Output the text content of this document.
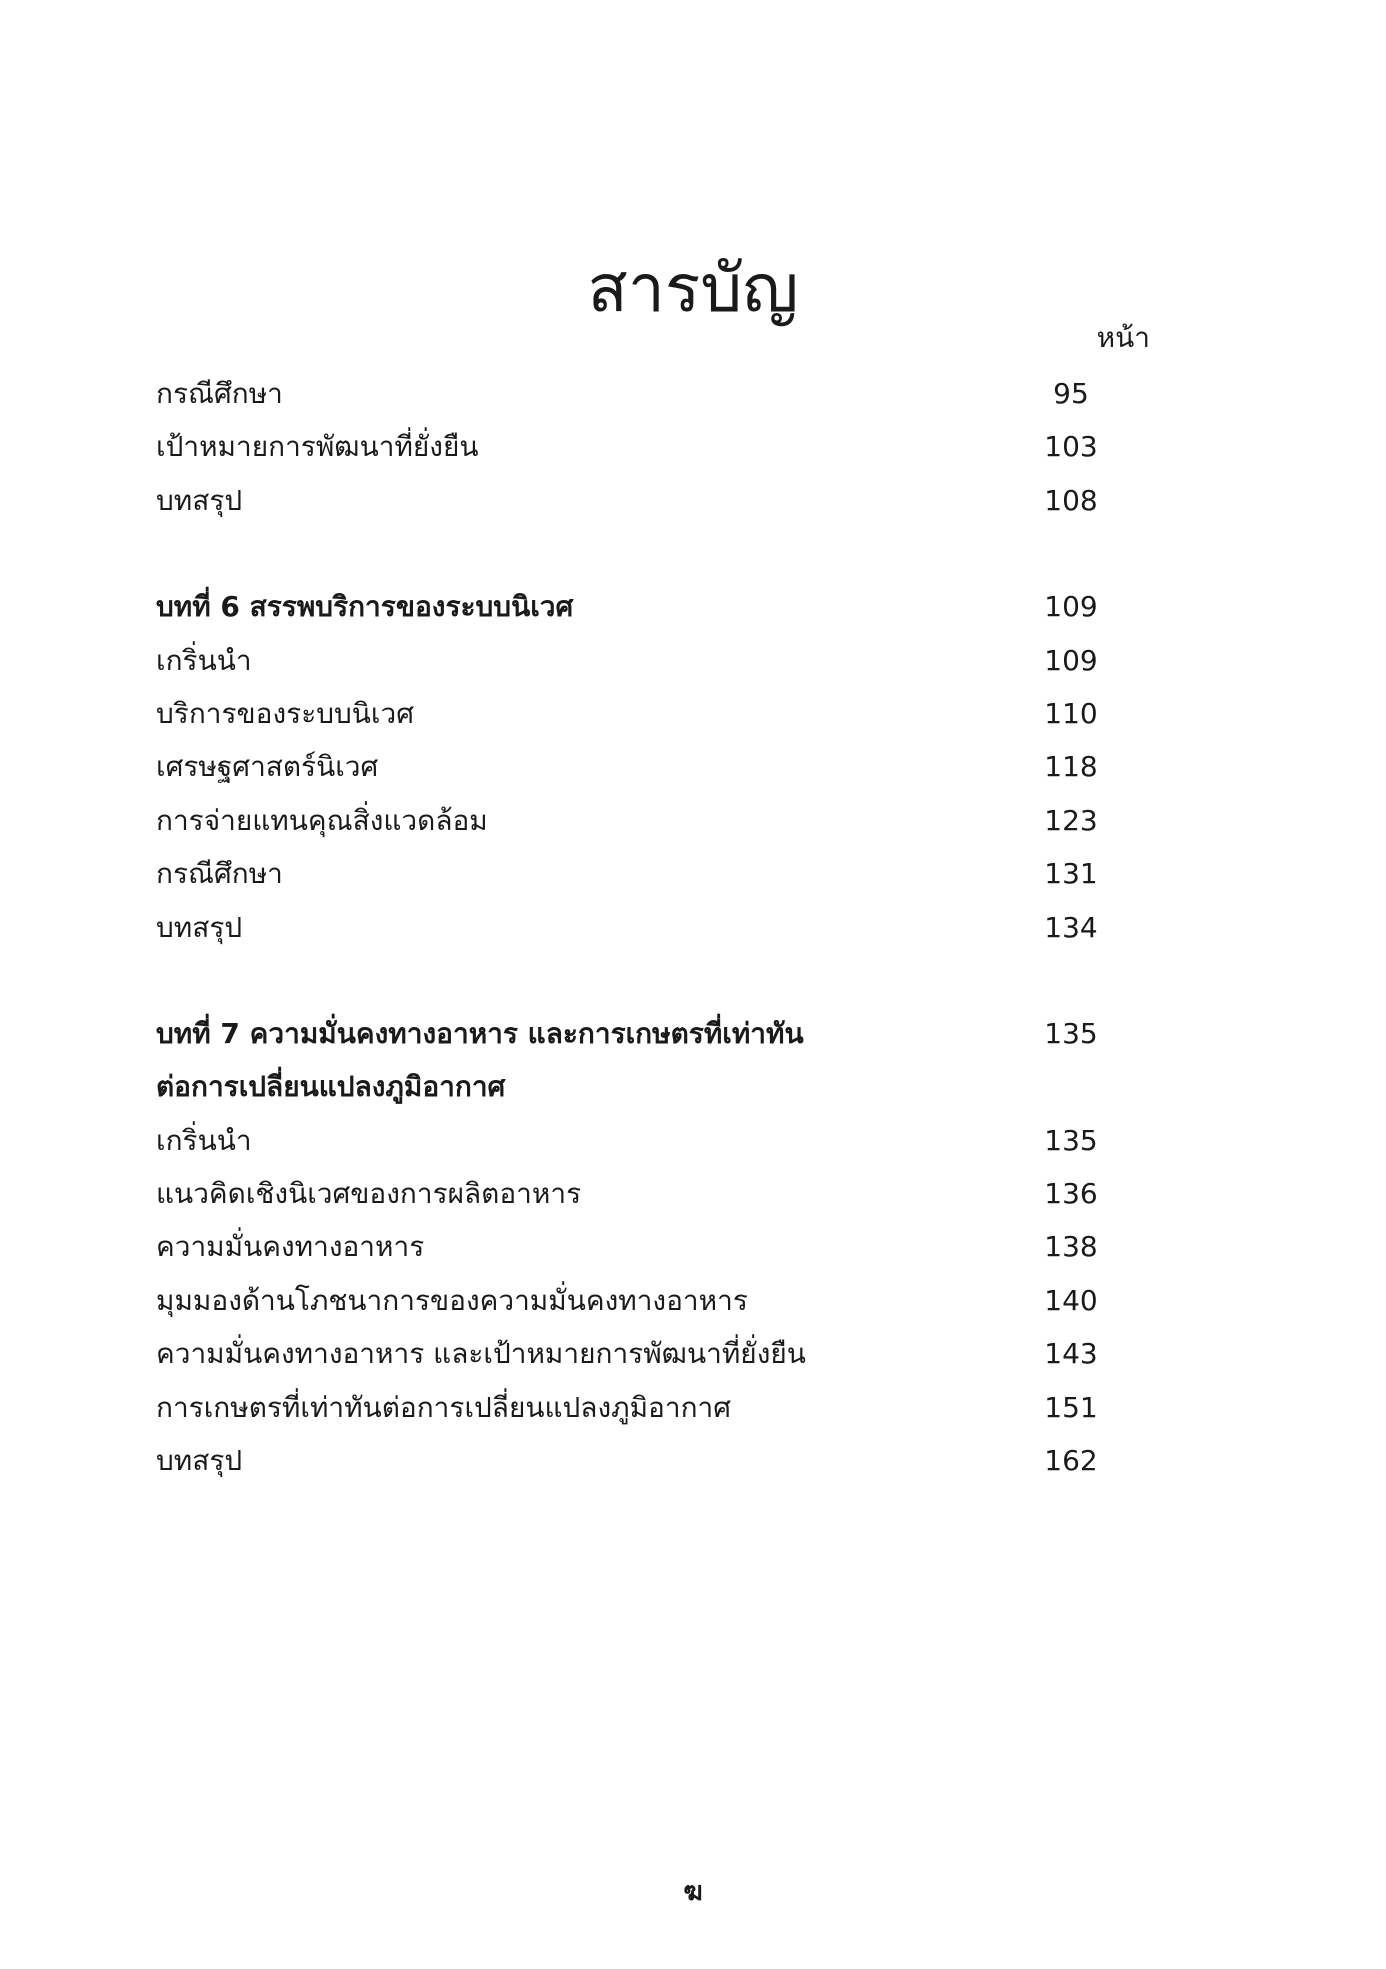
สารบัญ
หน้า
กรณีศึกษา	95
เป้าหมายการพัฒนาที่ยั่งยืน	103
บทสรุป	108
บทที่ 6 สรรพบริการของระบบนิเวศ	109
เกริ่นนำ	109
บริการของระบบนิเวศ	110
เศรษฐศาสตร์นิเวศ	118
การจ่ายแทนคุณสิ่งแวดล้อม	123
กรณีศึกษา	131
บทสรุป	134
บทที่ 7 ความมั่นคงทางอาหาร และการเกษตรที่เท่าทัน	135
ต่อการเปลี่ยนแปลงภูมิอากาศ
เกริ่นนำ	135
แนวคิดเชิงนิเวศของการผลิตอาหาร	136
ความมั่นคงทางอาหาร	138
มุมมองด้านโภชนาการของความมั่นคงทางอาหาร	140
ความมั่นคงทางอาหาร และเป้าหมายการพัฒนาที่ยั่งยืน	143
การเกษตรที่เท่าทันต่อการเปลี่ยนแปลงภูมิอากาศ	151
บทสรุป	162
ฆ
